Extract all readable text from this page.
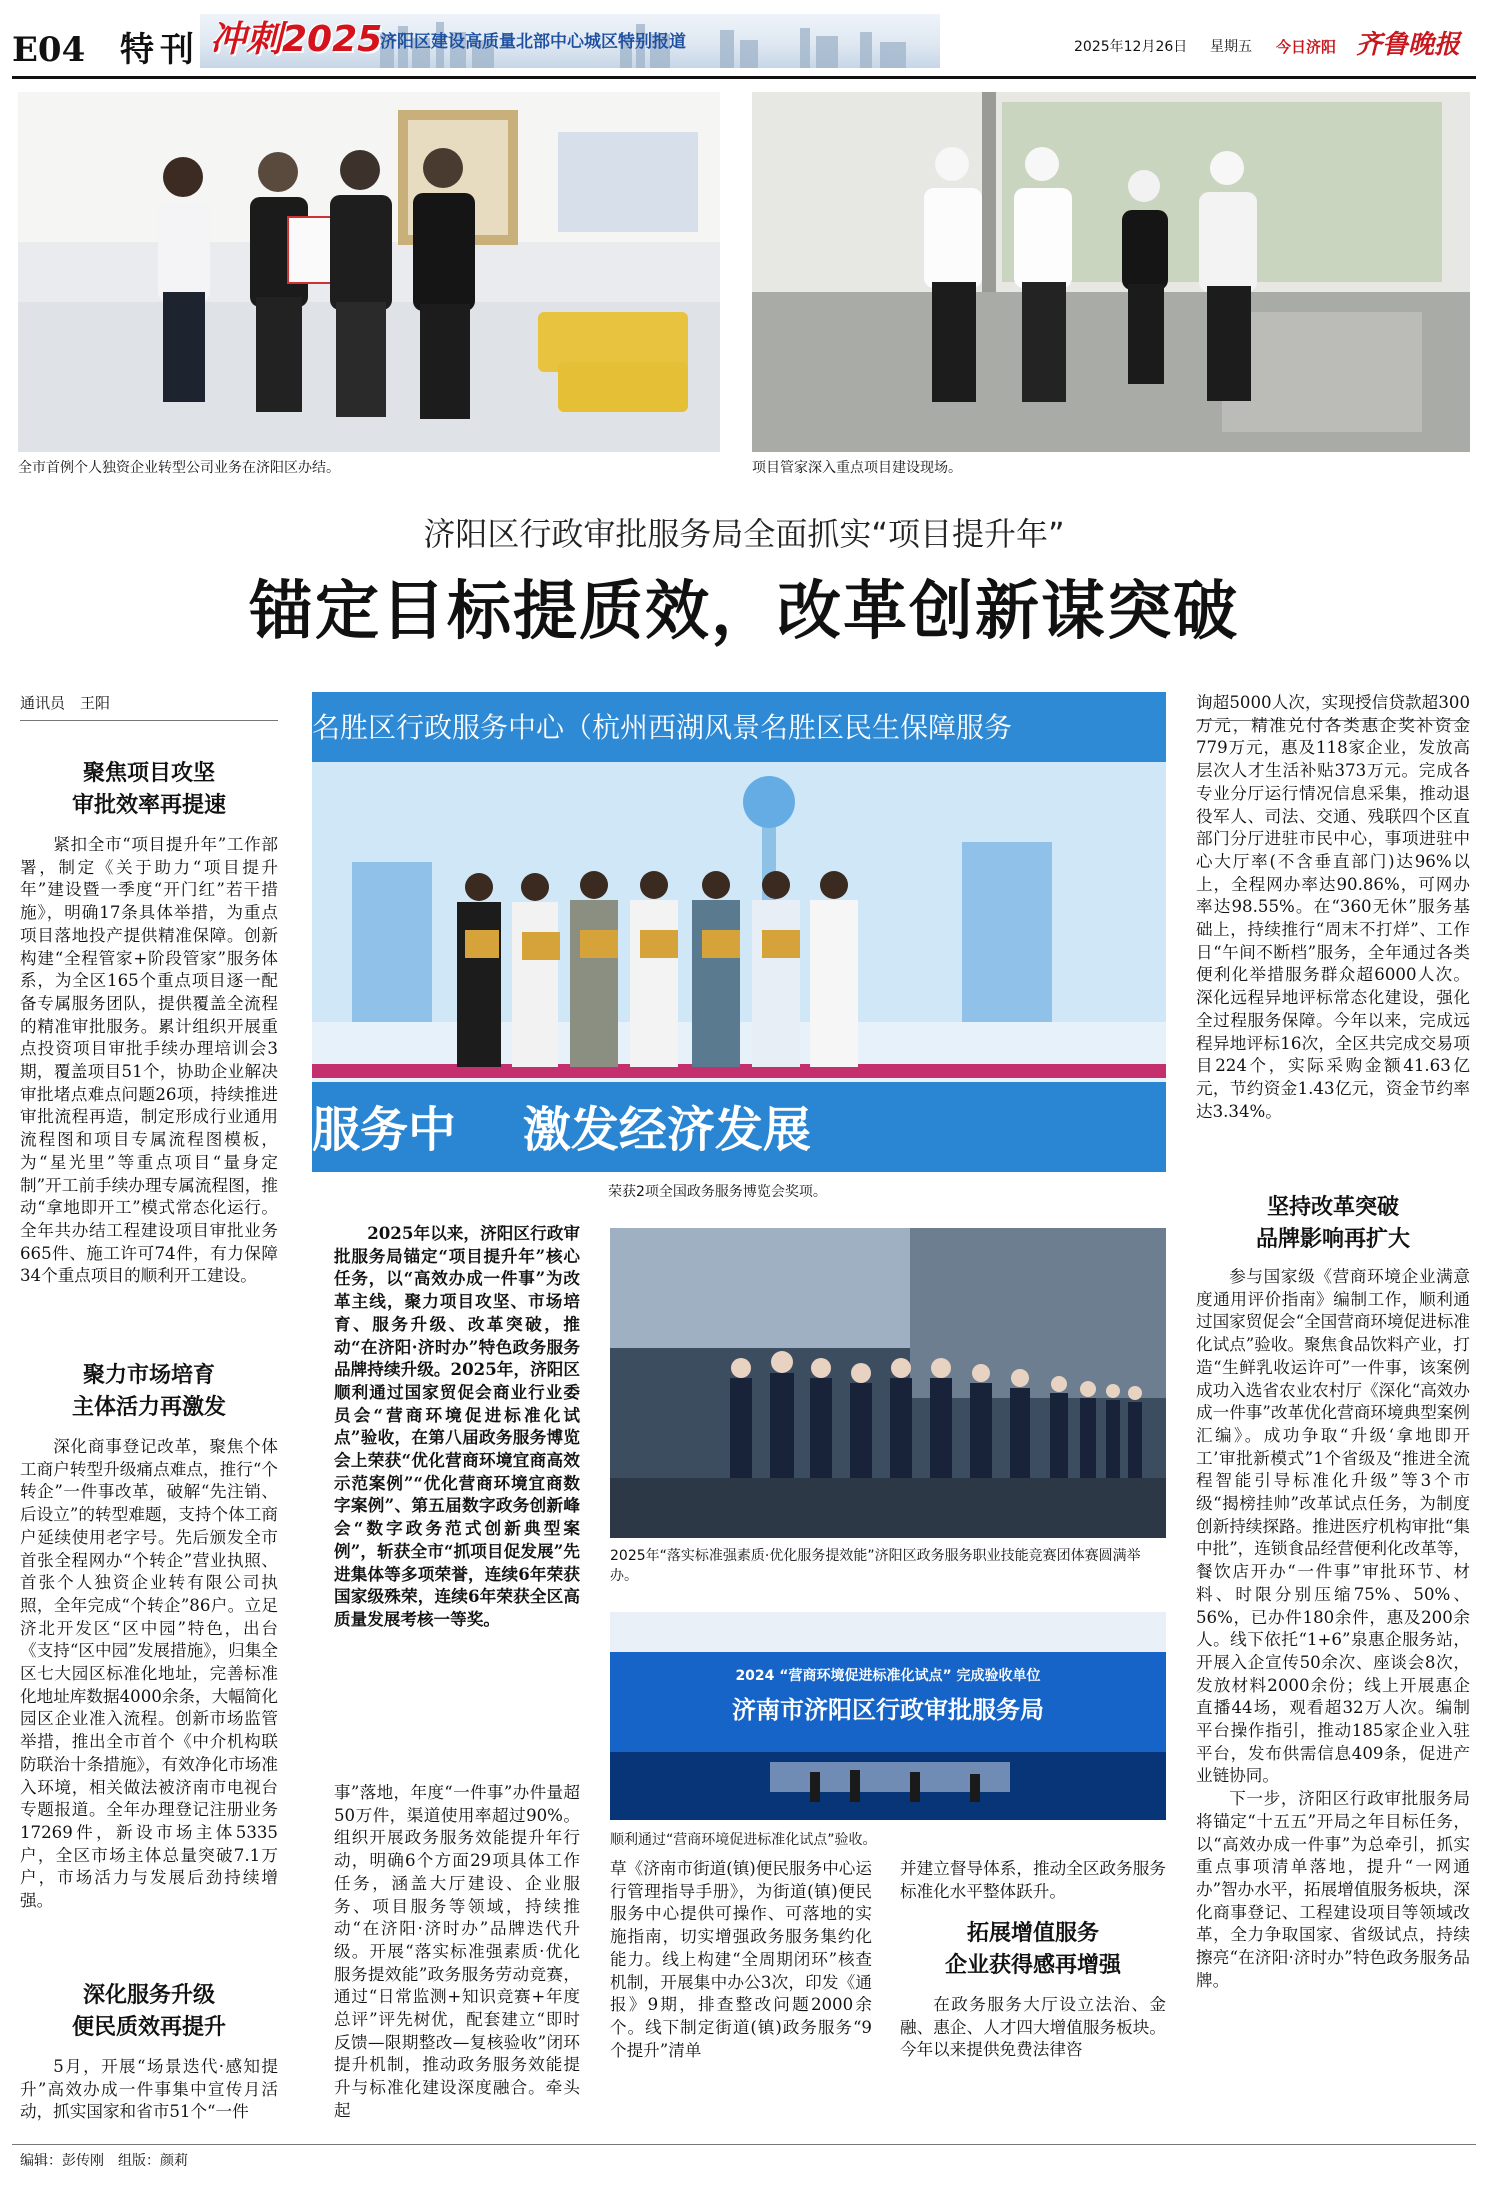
E04 特刊 冲刺2025
济阳区建设高质量北部中心城区特别报道	2025年12月26日 星期五 今日济阳 齐鲁晚报
全市首例个人独资企业转型公司业务在济阳区办结。	项目管家深入重点项目建设现场。
济阳区行政审批服务局全面抓实“项目提升年”
锚定目标提质效，改革创新谋突破
通讯员　王阳
聚焦项目攻坚
审批效率再提速

紧扣全市“项目提升年”工作部署，制定《关于助力“项目提升年”建设暨一季度“开门红”若干措施》，明确17条具体举措，为重点项目落地投产提供精准保障。创新构建“全程管家+阶段管家”服务体系，为全区165个重点项目逐一配备专属服务团队，提供覆盖全流程的精准审批服务。累计组织开展重点投资项目审批手续办理培训会3期，覆盖项目51个，协助企业解决审批堵点难点问题26项，持续推进审批流程再造，制定形成行业通用流程图和项目专属流程图模板，为“星光里”等重点项目“量身定制”开工前手续办理专属流程图，推动“拿地即开工”模式常态化运行。全年共办结工程建设项目审批业务665件、施工许可74件，有力保障34个重点项目的顺利开工建设。

聚力市场培育
主体活力再激发

深化商事登记改革，聚焦个体工商户转型升级痛点难点，推行“个转企”一件事改革，破解“先注销、后设立”的转型难题，支持个体工商户延续使用老字号。先后颁发全市首张全程网办“个转企”营业执照、首张个人独资企业转有限公司执照，全年完成“个转企”86户。立足济北开发区“区中园”特色，出台《支持“区中园”发展措施》，归集全区七大园区标准化地址，完善标准化地址库数据4000余条，大幅简化园区企业准入流程。创新市场监管举措，推出全市首个《中介机构联防联治十条措施》，有效净化市场准入环境，相关做法被济南市电视台专题报道。全年办理登记注册业务17269件，新设市场主体5335户，全区市场主体总量突破7.1万户，市场活力与发展后劲持续增强。

深化服务升级
便民质效再提升

5月，开展“场景迭代·感知提升”高效办成一件事集中宣传月活动，抓实国家和省市51个“一件

名胜区行政服务中心（杭州西湖风景名胜区民生保障服务
服务中    激发经济发展
荣获2项全国政务服务博览会奖项。

2025年以来，济阳区行政审批服务局锚定“项目提升年”核心任务，以“高效办成一件事”为改革主线，聚力项目攻坚、市场培育、服务升级、改革突破，推动“在济阳·济时办”特色政务服务品牌持续升级。2025年，济阳区顺利通过国家贸促会商业行业委员会“营商环境促进标准化试点”验收，在第八届政务服务博览会上荣获“优化营商环境宜商高效示范案例”“优化营商环境宜商数字案例”、第五届数字政务创新峰会“数字政务范式创新典型案例”，斩获全市“抓项目促发展”先进集体等多项荣誉，连续6年荣获国家级殊荣，连续6年荣获全区高质量发展考核一等奖。

事”落地，年度“一件事”办件量超50万件，渠道使用率超过90%。组织开展政务服务效能提升年行动，明确6个方面29项具体工作任务，涵盖大厅建设、企业服务、项目服务等领域，持续推动“在济阳·济时办”品牌迭代升级。开展“落实标准强素质·优化服务提效能”政务服务劳动竞赛，通过“日常监测+知识竞赛+年度总评”评先树优，配套建立“即时反馈—限期整改—复核验收”闭环提升机制，推动政务服务效能提升与标准化建设深度融合。牵头起

2025年“落实标准强素质·优化服务提效能”济阳区政务服务职业技能竞赛团体赛圆满举办。
2024 “营商环境促进标准化试点” 完成验收单位
济南市济阳区行政审批服务局
顺利通过“营商环境促进标准化试点”验收。

草《济南市街道(镇)便民服务中心运行管理指导手册》，为街道(镇)便民服务中心提供可操作、可落地的实施指南，切实增强政务服务集约化能力。线上构建“全周期闭环”核查机制，开展集中办公3次，印发《通报》9期，排查整改问题2000余个。线下制定街道(镇)政务服务“9个提升”清单

并建立督导体系，推动全区政务服务标准化水平整体跃升。

拓展增值服务
企业获得感再增强

在政务服务大厅设立法治、金融、惠企、人才四大增值服务板块。今年以来提供免费法律咨

询超5000人次，实现授信贷款超300万元，精准兑付各类惠企奖补资金779万元，惠及118家企业，发放高层次人才生活补贴373万元。完成各专业分厅运行情况信息采集，推动退役军人、司法、交通、残联四个区直部门分厅进驻市民中心，事项进驻中心大厅率(不含垂直部门)达96%以上，全程网办率达90.86%，可网办率达98.55%。在“360无休”服务基础上，持续推行“周末不打烊”、工作日“午间不断档”服务，全年通过各类便利化举措服务群众超6000人次。深化远程异地评标常态化建设，强化全过程服务保障。今年以来，完成远程异地评标16次，全区共完成交易项目224个，实际采购金额41.63亿元，节约资金1.43亿元，资金节约率达3.34%。

坚持改革突破
品牌影响再扩大

参与国家级《营商环境企业满意度通用评价指南》编制工作，顺利通过国家贸促会“全国营商环境促进标准化试点”验收。聚焦食品饮料产业，打造“生鲜乳收运许可”一件事，该案例成功入选省农业农村厅《深化“高效办成一件事”改革优化营商环境典型案例汇编》。成功争取“升级‘拿地即开工’审批新模式”1个省级及“推进全流程智能引导标准化升级”等3个市级“揭榜挂帅”改革试点任务，为制度创新持续探路。推进医疗机构审批“集中批”，连锁食品经营便利化改革等，餐饮店开办“一件事”审批环节、材料、时限分别压缩75%、50%、56%，已办件180余件，惠及200余人。线下依托“1+6”泉惠企服务站，开展入企宣传50余次、座谈会8次，发放材料2000余份；线上开展惠企直播44场，观看超32万人次。编制平台操作指引，推动185家企业入驻平台，发布供需信息409条，促进产业链协同。

下一步，济阳区行政审批服务局将锚定“十五五”开局之年目标任务，以“高效办成一件事”为总牵引，抓实重点事项清单落地，提升“一网通办”智办水平，拓展增值服务板块，深化商事登记、工程建设项目等领域改革，全力争取国家、省级试点，持续擦亮“在济阳·济时办”特色政务服务品牌。

编辑：彭传刚　组版：颜莉
